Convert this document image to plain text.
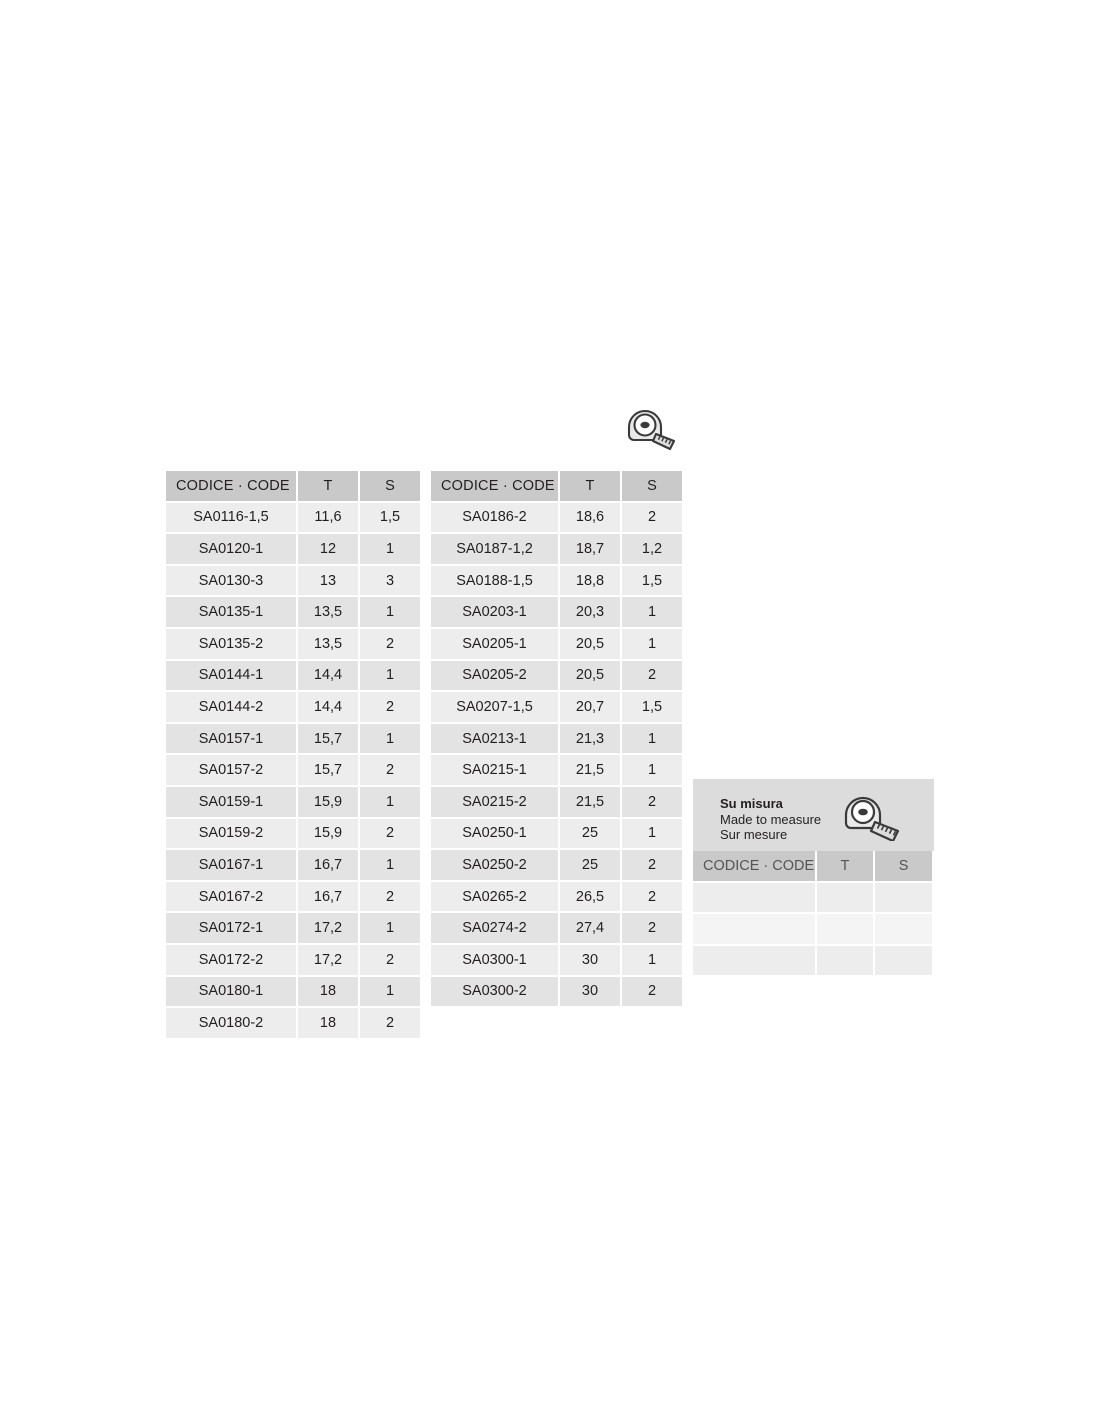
CODICE · CODE	T	S
SA0116-1,5	11,6	1,5
SA0120-1	12	1
SA0130-3	13	3
SA0135-1	13,5	1
SA0135-2	13,5	2
SA0144-1	14,4	1
SA0144-2	14,4	2
SA0157-1	15,7	1
SA0157-2	15,7	2
SA0159-1	15,9	1
SA0159-2	15,9	2
SA0167-1	16,7	1
SA0167-2	16,7	2
SA0172-1	17,2	1
SA0172-2	17,2	2
SA0180-1	18	1
SA0180-2	18	2
CODICE · CODE	T	S
SA0186-2	18,6	2
SA0187-1,2	18,7	1,2
SA0188-1,5	18,8	1,5
SA0203-1	20,3	1
SA0205-1	20,5	1
SA0205-2	20,5	2
SA0207-1,5	20,7	1,5
SA0213-1	21,3	1
SA0215-1	21,5	1
SA0215-2	21,5	2
SA0250-1	25	1
SA0250-2	25	2
SA0265-2	26,5	2
SA0274-2	27,4	2
SA0300-1	30	1
SA0300-2	30	2
Su misura
Made to measure
Sur mesure
CODICE · CODE	T	S
